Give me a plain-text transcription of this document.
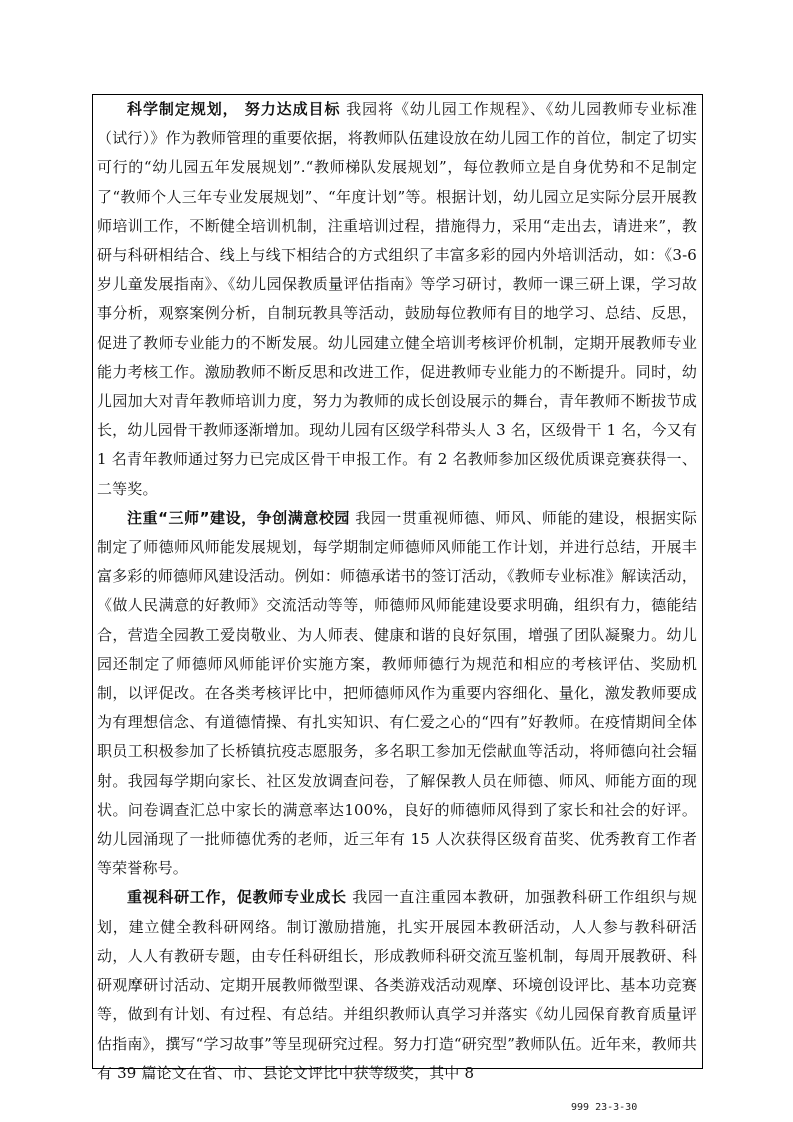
科学制定规划， 努力达成目标 我园将《幼儿园工作规程》、《幼儿园教师专业标准（试行）》作为教师管理的重要依据，将教师队伍建设放在幼儿园工作的首位，制定了切实可行的“幼儿园五年发展规划”.“教师梯队发展规划”，每位教师立是自身优势和不足制定了“教师个人三年专业发展规划”、“年度计划”等。根据计划，幼儿园立足实际分层开展教师培训工作，不断健全培训机制，注重培训过程，措施得力，采用“走出去，请进来”，教研与科研相结合、线上与线下相结合的方式组织了丰富多彩的园内外培训活动，如：《3-6 岁儿童发展指南》、《幼儿园保教质量评估指南》等学习研讨，教师一课三研上课，学习故事分析，观察案例分析，自制玩教具等活动，鼓励每位教师有目的地学习、总结、反思，促进了教师专业能力的不断发展。幼儿园建立健全培训考核评价机制，定期开展教师专业能力考核工作。激励教师不断反思和改进工作，促进教师专业能力的不断提升。同时，幼儿园加大对青年教师培训力度，努力为教师的成长创设展示的舞台，青年教师不断拔节成长，幼儿园骨干教师逐渐增加。现幼儿园有区级学科带头人 3 名，区级骨干 1 名，今又有 1 名青年教师通过努力已完成区骨干申报工作。有 2 名教师参加区级优质课竞赛获得一、二等奖。

注重“三师”建设，争创满意校园 我园一贯重视师德、师风、师能的建设，根据实际制定了师德师风师能发展规划，每学期制定师德师风师能工作计划，并进行总结，开展丰富多彩的师德师风建设活动。例如：师德承诺书的签订活动，《教师专业标准》解读活动，《做人民满意的好教师》交流活动等等，师德师风师能建设要求明确，组织有力，德能结合，营造全园教工爱岗敬业、为人师表、健康和谐的良好氛围，增强了团队凝聚力。幼儿园还制定了师德师风师能评价实施方案，教师师德行为规范和相应的考核评估、奖励机制，以评促改。在各类考核评比中，把师德师风作为重要内容细化、量化，激发教师要成为有理想信念、有道德情操、有扎实知识、有仁爱之心的“四有”好教师。在疫情期间全体职员工积极参加了长桥镇抗疫志愿服务，多名职工参加无偿献血等活动，将师德向社会辐射。我园每学期向家长、社区发放调查问卷，了解保教人员在师德、师风、师能方面的现状。问卷调查汇总中家长的满意率达100%，良好的师德师风得到了家长和社会的好评。幼儿园涌现了一批师德优秀的老师，近三年有 15 人次获得区级育苗奖、优秀教育工作者等荣誉称号。

重视科研工作，促教师专业成长 我园一直注重园本教研，加强教科研工作组织与规划，建立健全教科研网络。制订激励措施，扎实开展园本教研活动，人人参与教科研活动，人人有教研专题，由专任科研组长，形成教师科研交流互鉴机制，每周开展教研、科研观摩研讨活动、定期开展教师微型课、各类游戏活动观摩、环境创设评比、基本功竞赛等，做到有计划、有过程、有总结。并组织教师认真学习并落实《幼儿园保育教育质量评估指南》，撰写“学习故事”等呈现研究过程。努力打造“研究型”教师队伍。近年来，教师共有 39 篇论文在省、市、县论文评比中获等级奖，其中 8

999 23-3-30
